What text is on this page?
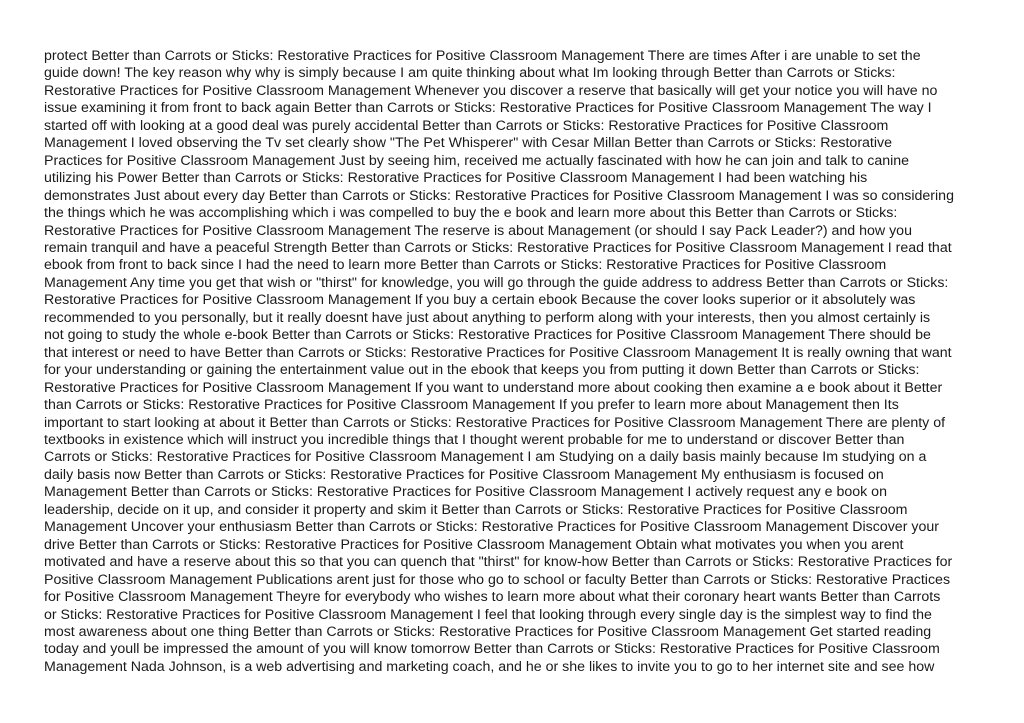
protect Better than Carrots or Sticks: Restorative Practices for Positive Classroom Management There are times After i are unable to set the
guide down! The key reason why why is simply because I am quite thinking about what Im looking through Better than Carrots or Sticks:
Restorative Practices for Positive Classroom Management Whenever you discover a reserve that basically will get your notice you will have no
issue examining it from front to back again Better than Carrots or Sticks: Restorative Practices for Positive Classroom Management The way I
started off with looking at a good deal was purely accidental Better than Carrots or Sticks: Restorative Practices for Positive Classroom
Management I loved observing the Tv set clearly show "The Pet Whisperer" with Cesar Millan Better than Carrots or Sticks: Restorative
Practices for Positive Classroom Management Just by seeing him, received me actually fascinated with how he can join and talk to canine
utilizing his Power Better than Carrots or Sticks: Restorative Practices for Positive Classroom Management I had been watching his
demonstrates Just about every day Better than Carrots or Sticks: Restorative Practices for Positive Classroom Management I was so considering
the things which he was accomplishing which i was compelled to buy the e book and learn more about this Better than Carrots or Sticks:
Restorative Practices for Positive Classroom Management The reserve is about Management (or should I say Pack Leader?) and how you
remain tranquil and have a peaceful Strength Better than Carrots or Sticks: Restorative Practices for Positive Classroom Management I read that
ebook from front to back since I had the need to learn more Better than Carrots or Sticks: Restorative Practices for Positive Classroom
Management Any time you get that wish or "thirst" for knowledge, you will go through the guide address to address Better than Carrots or Sticks:
Restorative Practices for Positive Classroom Management If you buy a certain ebook Because the cover looks superior or it absolutely was
recommended to you personally, but it really doesnt have just about anything to perform along with your interests, then you almost certainly is
not going to study the whole e-book Better than Carrots or Sticks: Restorative Practices for Positive Classroom Management There should be
that interest or need to have Better than Carrots or Sticks: Restorative Practices for Positive Classroom Management It is really owning that want
for your understanding or gaining the entertainment value out in the ebook that keeps you from putting it down Better than Carrots or Sticks:
Restorative Practices for Positive Classroom Management If you want to understand more about cooking then examine a e book about it Better
than Carrots or Sticks: Restorative Practices for Positive Classroom Management If you prefer to learn more about Management then Its
important to start looking at about it Better than Carrots or Sticks: Restorative Practices for Positive Classroom Management There are plenty of
textbooks in existence which will instruct you incredible things that I thought werent probable for me to understand or discover Better than
Carrots or Sticks: Restorative Practices for Positive Classroom Management I am Studying on a daily basis mainly because Im studying on a
daily basis now Better than Carrots or Sticks: Restorative Practices for Positive Classroom Management My enthusiasm is focused on
Management Better than Carrots or Sticks: Restorative Practices for Positive Classroom Management I actively request any e book on
leadership, decide on it up, and consider it property and skim it Better than Carrots or Sticks: Restorative Practices for Positive Classroom
Management Uncover your enthusiasm Better than Carrots or Sticks: Restorative Practices for Positive Classroom Management Discover your
drive Better than Carrots or Sticks: Restorative Practices for Positive Classroom Management Obtain what motivates you when you arent
motivated and have a reserve about this so that you can quench that "thirst" for know-how Better than Carrots or Sticks: Restorative Practices for
Positive Classroom Management Publications arent just for those who go to school or faculty Better than Carrots or Sticks: Restorative Practices
for Positive Classroom Management Theyre for everybody who wishes to learn more about what their coronary heart wants Better than Carrots
or Sticks: Restorative Practices for Positive Classroom Management I feel that looking through every single day is the simplest way to find the
most awareness about one thing Better than Carrots or Sticks: Restorative Practices for Positive Classroom Management Get started reading
today and youll be impressed the amount of you will know tomorrow Better than Carrots or Sticks: Restorative Practices for Positive Classroom
Management Nada Johnson, is a web advertising and marketing coach, and he or she likes to invite you to go to her internet site and see how
